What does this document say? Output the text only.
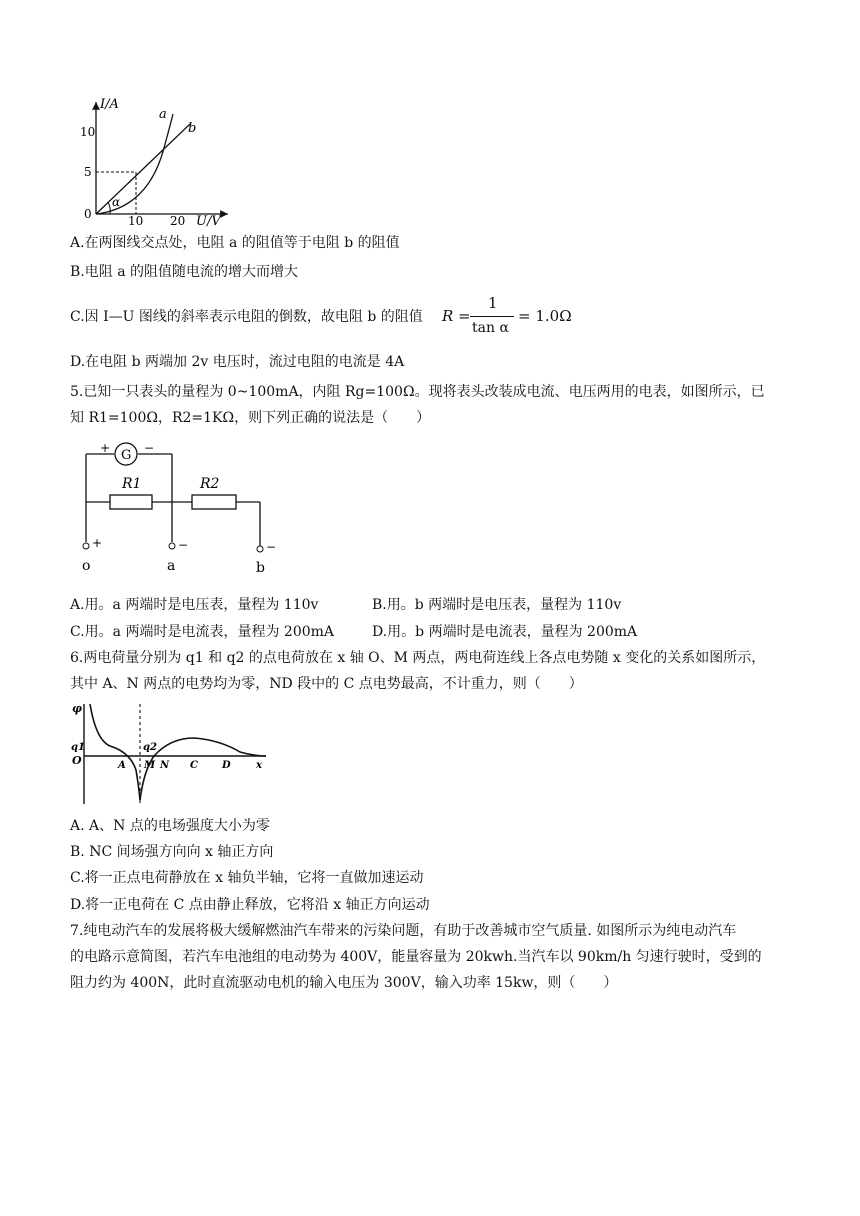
I/A
U/V
10
5
0	10 20
a
b
α
A.在两图线交点处，电阻 a 的阻值等于电阻 b 的阻值
B.电阻 a 的阻值随电流的增大而增大
C.因 I—U 图线的斜率表示电阻的倒数，故电阻 b 的阻值 R =
1
tan α
= 1.0Ω
D.在电阻 b 两端加 2v 电压时，流过电阻的电流是 4A
5.已知一只表头的量程为 0~100mA，内阻 Rg=100Ω。现将表头改装成电流、电压两用的电表，如图所示，已
知 R1=100Ω，R2=1KΩ，则下列正确的说法是（　　）
G
+	−
R1	R2
+	−	−
o	a	b
A.用。a 两端时是电压表，量程为 110v	B.用。b 两端时是电压表，量程为 110v
C.用。a 两端时是电流表，量程为 200mA	D.用。b 两端时是电流表，量程为 200mA
6.两电荷量分别为 q1 和 q2 的点电荷放在 x 轴 O、M 两点，两电荷连线上各点电势随 x 变化的关系如图所示，
其中 A、N 两点的电势均为零，ND 段中的 C 点电势最高，不计重力，则（　　）
φ
q1	q2
O	A M N C D	x
A. A、N 点的电场强度大小为零
B. NC 间场强方向向 x 轴正方向
C.将一正点电荷静放在 x 轴负半轴，它将一直做加速运动
D.将一正电荷在 C 点由静止释放，它将沿 x 轴正方向运动
7.纯电动汽车的发展将极大缓解燃油汽车带来的污染问题，有助于改善城市空气质量. 如图所示为纯电动汽车
的电路示意简图，若汽车电池组的电动势为 400V，能量容量为 20kwh.当汽车以 90km/h 匀速行驶时，受到的
阻力约为 400N，此时直流驱动电机的输入电压为 300V，输入功率 15kw，则（　　）
